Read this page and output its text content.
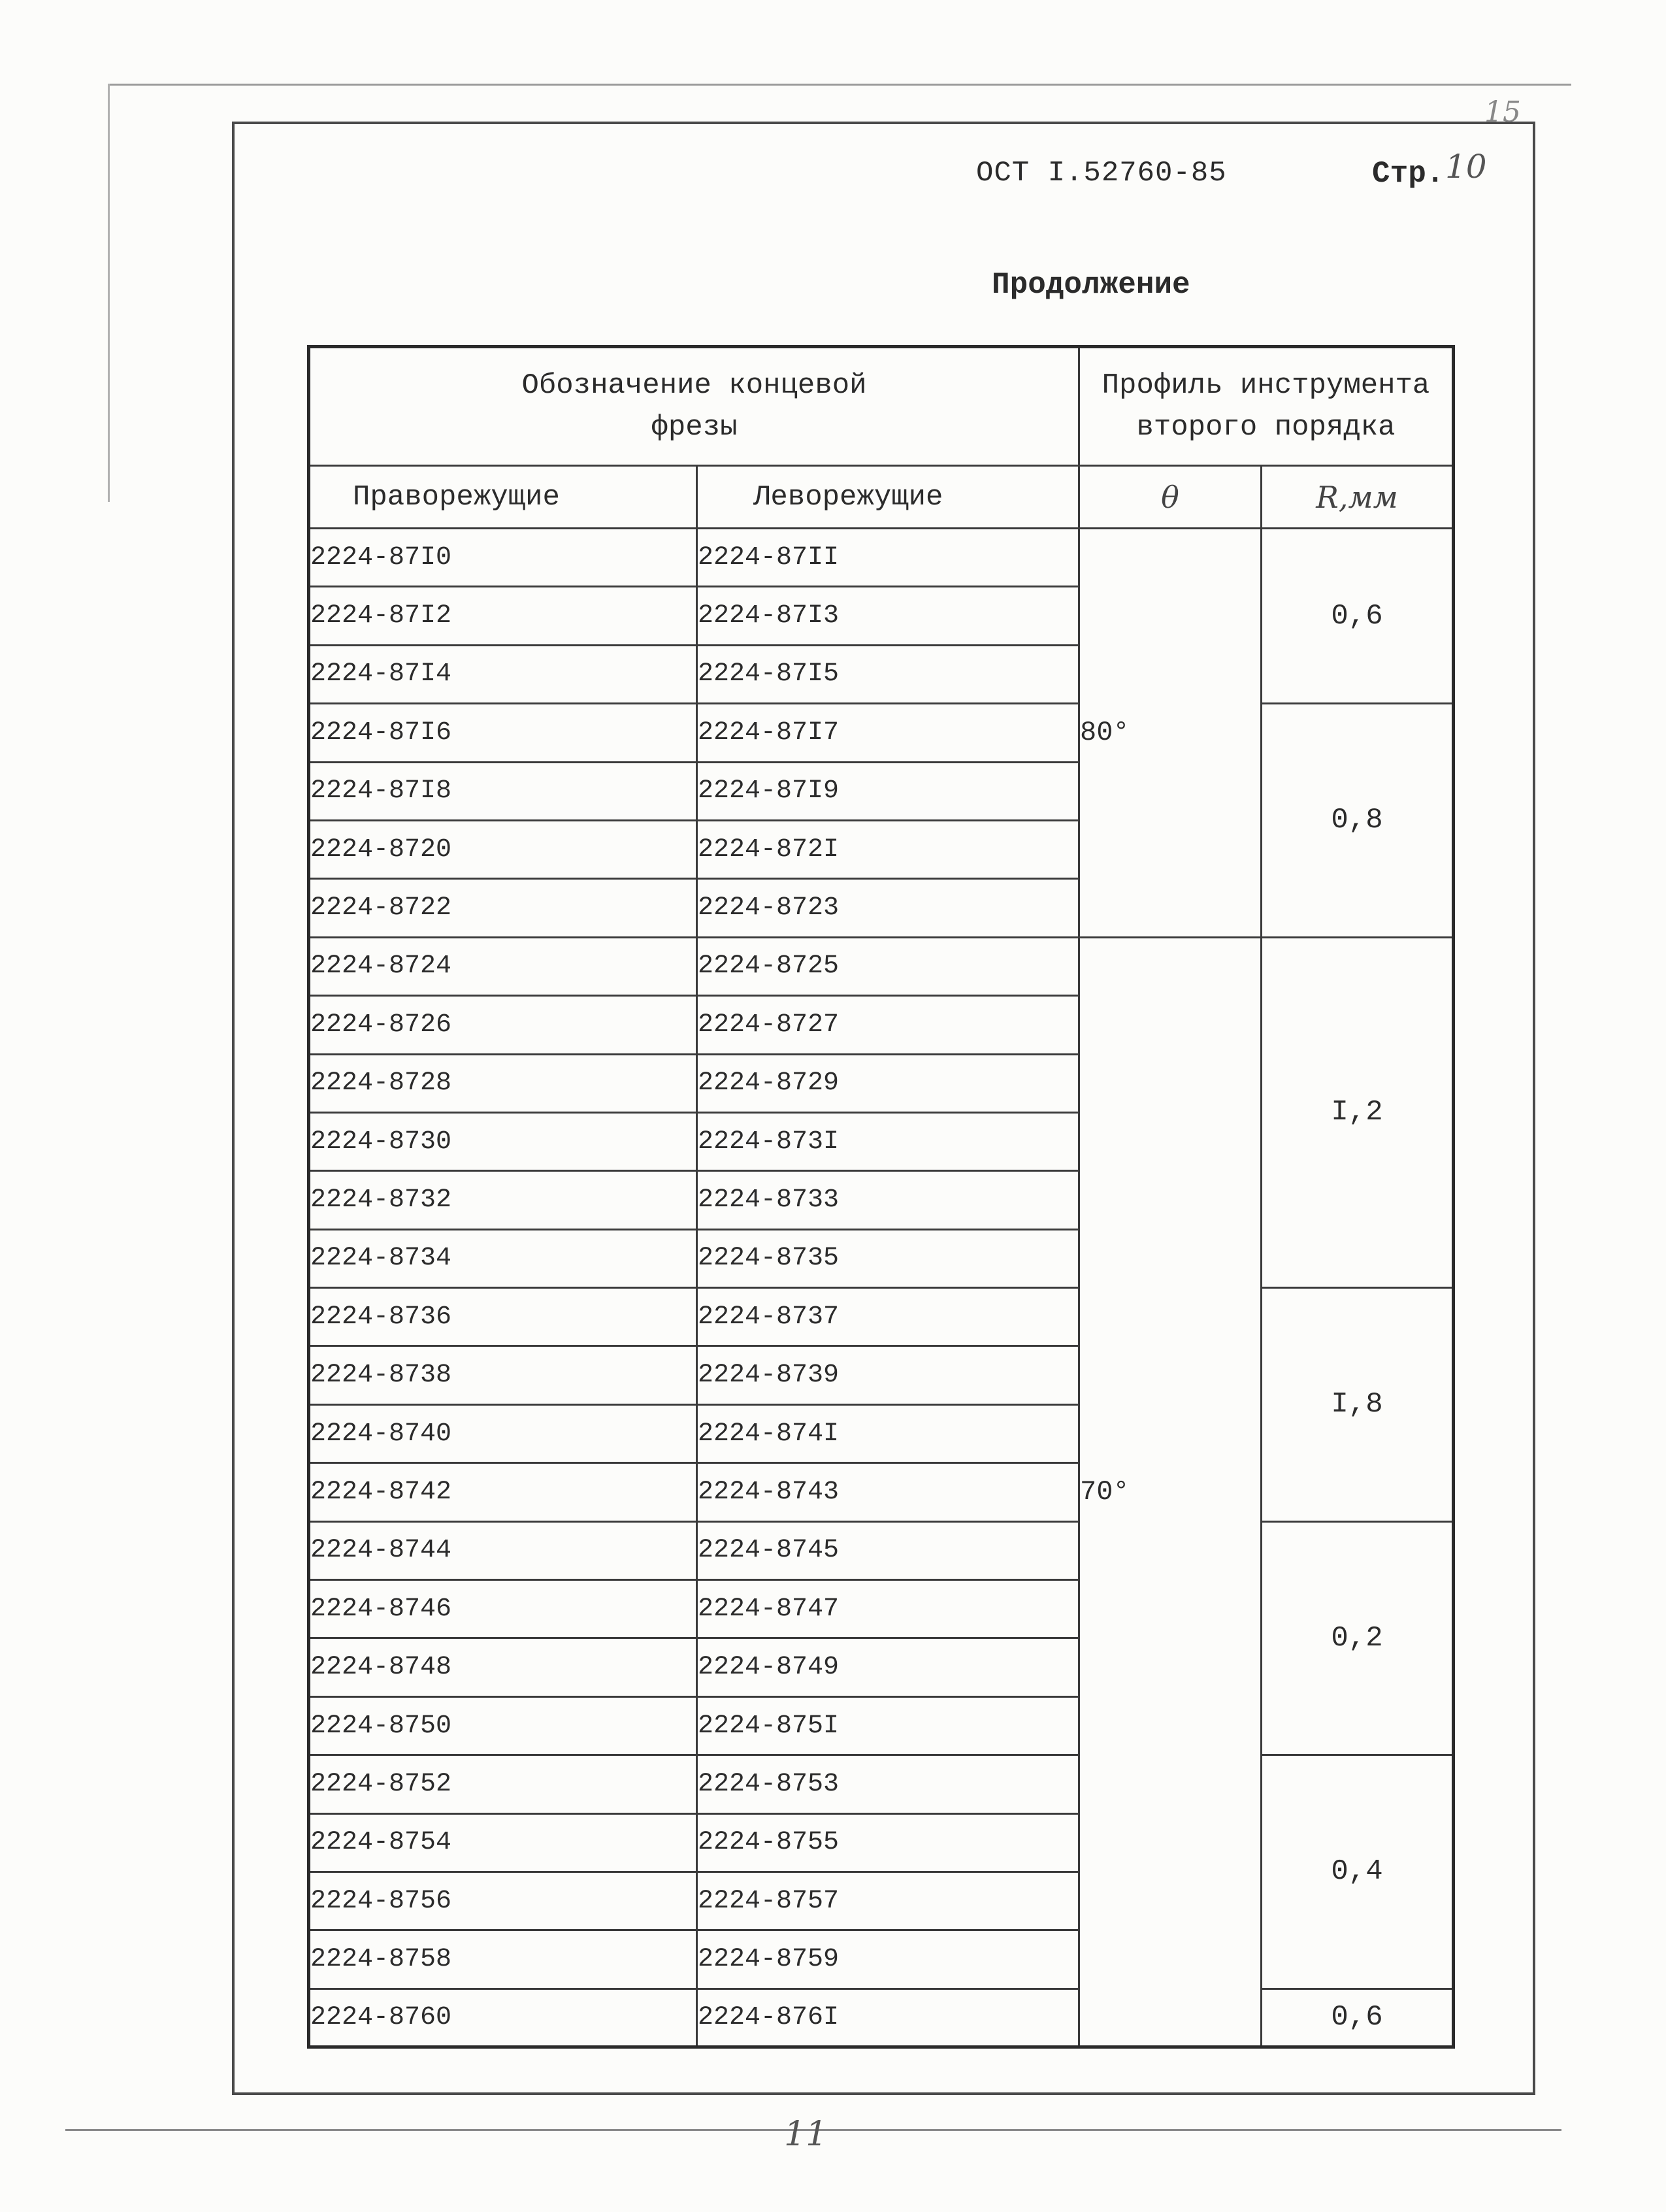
15
ОСТ I.52760-85	Стр. 10
Продолжение
Обозначение концевой
фрезы		Профиль инструмента
второго порядка	

Праворежущие	Леворежущие	θ	R,мм
2224-87I0	2224-87II	80°	0,6
2224-87I2	2224-87I3		
2224-87I4	2224-87I5		
2224-87I6	2224-87I7		0,8
2224-87I8	2224-87I9		
2224-8720	2224-872I		
2224-8722	2224-8723		
2224-8724	2224-8725	70°	I,2
2224-8726	2224-8727		
2224-8728	2224-8729		
2224-8730	2224-873I		
2224-8732	2224-8733		
2224-8734	2224-8735		
2224-8736	2224-8737		I,8
2224-8738	2224-8739		
2224-8740	2224-874I		
2224-8742	2224-8743		
2224-8744	2224-8745		0,2
2224-8746	2224-8747		
2224-8748	2224-8749		
2224-8750	2224-875I		
2224-8752	2224-8753		0,4
2224-8754	2224-8755		
2224-8756	2224-8757		
2224-8758	2224-8759		
2224-8760	2224-876I		0,6
11
